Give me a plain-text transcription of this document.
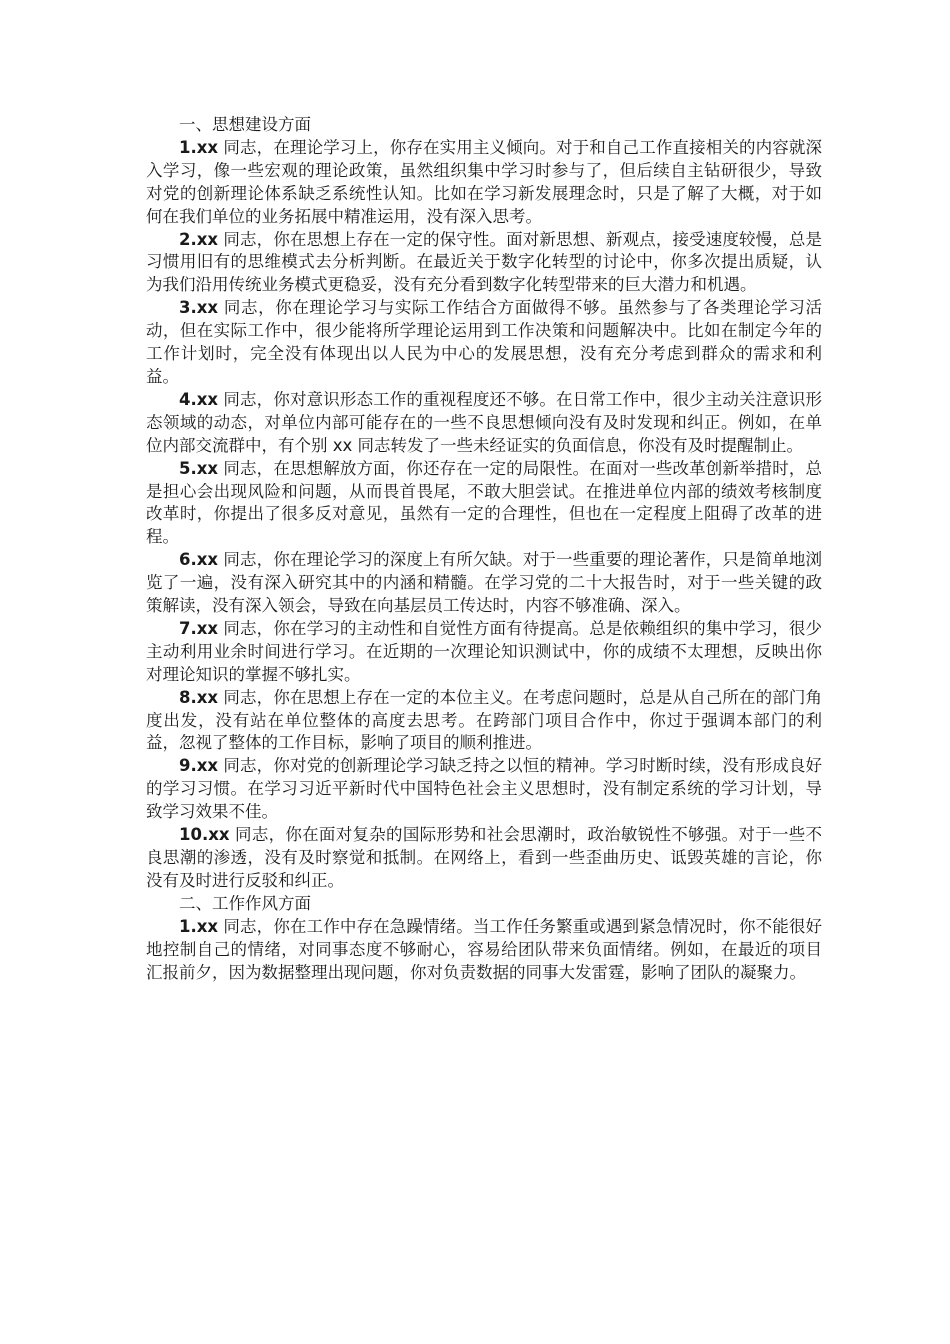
一、思想建设方面

1.xx 同志，在理论学习上，你存在实用主义倾向。对于和自己工作直接相关的内容就深入学习，像一些宏观的理论政策，虽然组织集中学习时参与了，但后续自主钻研很少，导致对党的创新理论体系缺乏系统性认知。比如在学习新发展理念时，只是了解了大概，对于如何在我们单位的业务拓展中精准运用，没有深入思考。

2.xx 同志，你在思想上存在一定的保守性。面对新思想、新观点，接受速度较慢，总是习惯用旧有的思维模式去分析判断。在最近关于数字化转型的讨论中，你多次提出质疑，认为我们沿用传统业务模式更稳妥，没有充分看到数字化转型带来的巨大潜力和机遇。

3.xx 同志，你在理论学习与实际工作结合方面做得不够。虽然参与了各类理论学习活动，但在实际工作中，很少能将所学理论运用到工作决策和问题解决中。比如在制定今年的工作计划时，完全没有体现出以人民为中心的发展思想，没有充分考虑到群众的需求和利益。

4.xx 同志，你对意识形态工作的重视程度还不够。在日常工作中，很少主动关注意识形态领域的动态，对单位内部可能存在的一些不良思想倾向没有及时发现和纠正。例如，在单位内部交流群中，有个别 xx 同志转发了一些未经证实的负面信息，你没有及时提醒制止。

5.xx 同志，在思想解放方面，你还存在一定的局限性。在面对一些改革创新举措时，总是担心会出现风险和问题，从而畏首畏尾，不敢大胆尝试。在推进单位内部的绩效考核制度改革时，你提出了很多反对意见，虽然有一定的合理性，但也在一定程度上阻碍了改革的进程。

6.xx 同志，你在理论学习的深度上有所欠缺。对于一些重要的理论著作，只是简单地浏览了一遍，没有深入研究其中的内涵和精髓。在学习党的二十大报告时，对于一些关键的政策解读，没有深入领会，导致在向基层员工传达时，内容不够准确、深入。

7.xx 同志，你在学习的主动性和自觉性方面有待提高。总是依赖组织的集中学习，很少主动利用业余时间进行学习。在近期的一次理论知识测试中，你的成绩不太理想，反映出你对理论知识的掌握不够扎实。

8.xx 同志，你在思想上存在一定的本位主义。在考虑问题时，总是从自己所在的部门角度出发，没有站在单位整体的高度去思考。在跨部门项目合作中，你过于强调本部门的利益，忽视了整体的工作目标，影响了项目的顺利推进。

9.xx 同志，你对党的创新理论学习缺乏持之以恒的精神。学习时断时续，没有形成良好的学习习惯。在学习习近平新时代中国特色社会主义思想时，没有制定系统的学习计划，导致学习效果不佳。

10.xx 同志，你在面对复杂的国际形势和社会思潮时，政治敏锐性不够强。对于一些不良思潮的渗透，没有及时察觉和抵制。在网络上，看到一些歪曲历史、诋毁英雄的言论，你没有及时进行反驳和纠正。

二、工作作风方面

1.xx 同志，你在工作中存在急躁情绪。当工作任务繁重或遇到紧急情况时，你不能很好地控制自己的情绪，对同事态度不够耐心，容易给团队带来负面情绪。例如，在最近的项目汇报前夕，因为数据整理出现问题，你对负责数据的同事大发雷霆，影响了团队的凝聚力。
